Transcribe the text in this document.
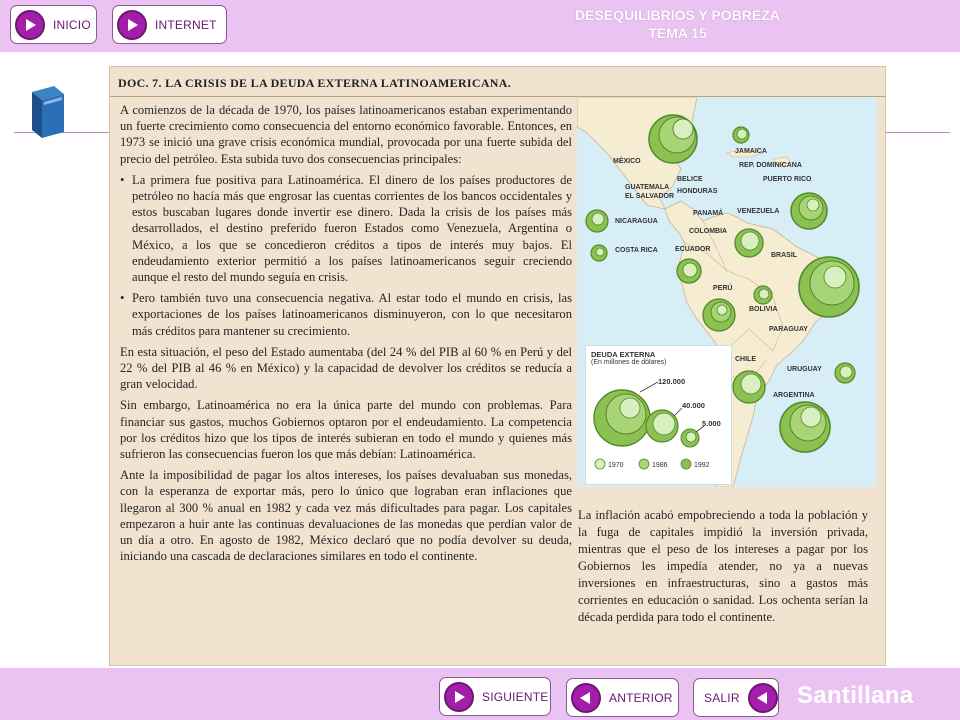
INICIO	INTERNET
DESEQUILIBRIOS Y POBREZA
TEMA 15
DOC. 7. LA CRISIS DE LA DEUDA EXTERNA LATINOAMERICANA.

A comienzos de la década de 1970, los países latinoamericanos estaban experimentando un fuerte crecimiento como consecuencia del entorno económico favorable. Entonces, en 1973 se inició una grave crisis económica mundial, provocada por una fuerte subida del precio del petróleo. Esta subida tuvo dos consecuencias principales:

• La primera fue positiva para Latinoamérica. El dinero de los países productores de petróleo no hacía más que engrosar las cuentas corrientes de los bancos occidentales y estos buscaban lugares donde invertir ese dinero. Dada la crisis de los países más desarrollados, el destino preferido fueron Estados como Venezuela, Argentina o México, a los que se concedieron créditos a tipos de interés muy bajos. El endeudamiento exterior permitió a los países latinoamericanos seguir creciendo aunque el resto del mundo seguía en crisis.
• Pero también tuvo una consecuencia negativa. Al estar todo el mundo en crisis, las exportaciones de los países latinoamericanos disminuyeron, con lo que necesitaron más créditos para mantener su crecimiento.

En esta situación, el peso del Estado aumentaba (del 24 % del PIB al 60 % en Perú y del 22 % del PIB al 46 % en México) y la capacidad de devolver los créditos se reducía a gran velocidad.

Sin embargo, Latinoamérica no era la única parte del mundo con problemas. Para financiar sus gastos, muchos Gobiernos optaron por el endeudamiento. La competencia por los créditos hizo que los tipos de interés subieran en todo el mundo y quienes más sufrieron las consecuencias fueron los que más debían: Latinoamérica.

Ante la imposibilidad de pagar los altos intereses, los países devaluaban sus monedas, con la esperanza de exportar más, pero lo único que lograban eran inflaciones que llegaron al 300 % anual en 1982 y cada vez más dificultades para pagar. Los capitales empezaron a huir ante las continuas devaluaciones de las monedas que perdían valor de un día a otro. En agosto de 1982, México declaró que no podía devolver su deuda, iniciando una cascada de declaraciones similares en todo el continente.

MÉXICO
JAMAICA
REP. DOMINICANA
PUERTO RICO
BELICE
HONDURAS
GUATEMALA
EL SALVADOR
NICARAGUA
COSTA RICA
PANAMÁ VENEZUELA
COLOMBIA
ECUADOR
BRASIL
PERÚ
BOLIVIA
PARAGUAY
CHILE
URUGUAY
ARGENTINA
DEUDA EXTERNA
(En millones de dólares)
120.000
40.000
5.000
1970	1986	1992
La inflación acabó empobreciendo a toda la población y la fuga de capitales impidió la inversión privada, mientras que el peso de los intereses a pagar por los Gobiernos les impedía atender, no ya a nuevas inversiones en infraestructuras, sino a gastos más corrientes en educación o sanidad. Los ochenta serían la década perdida para todo el continente.
SIGUIENTE	ANTERIOR	SALIR Santillana
